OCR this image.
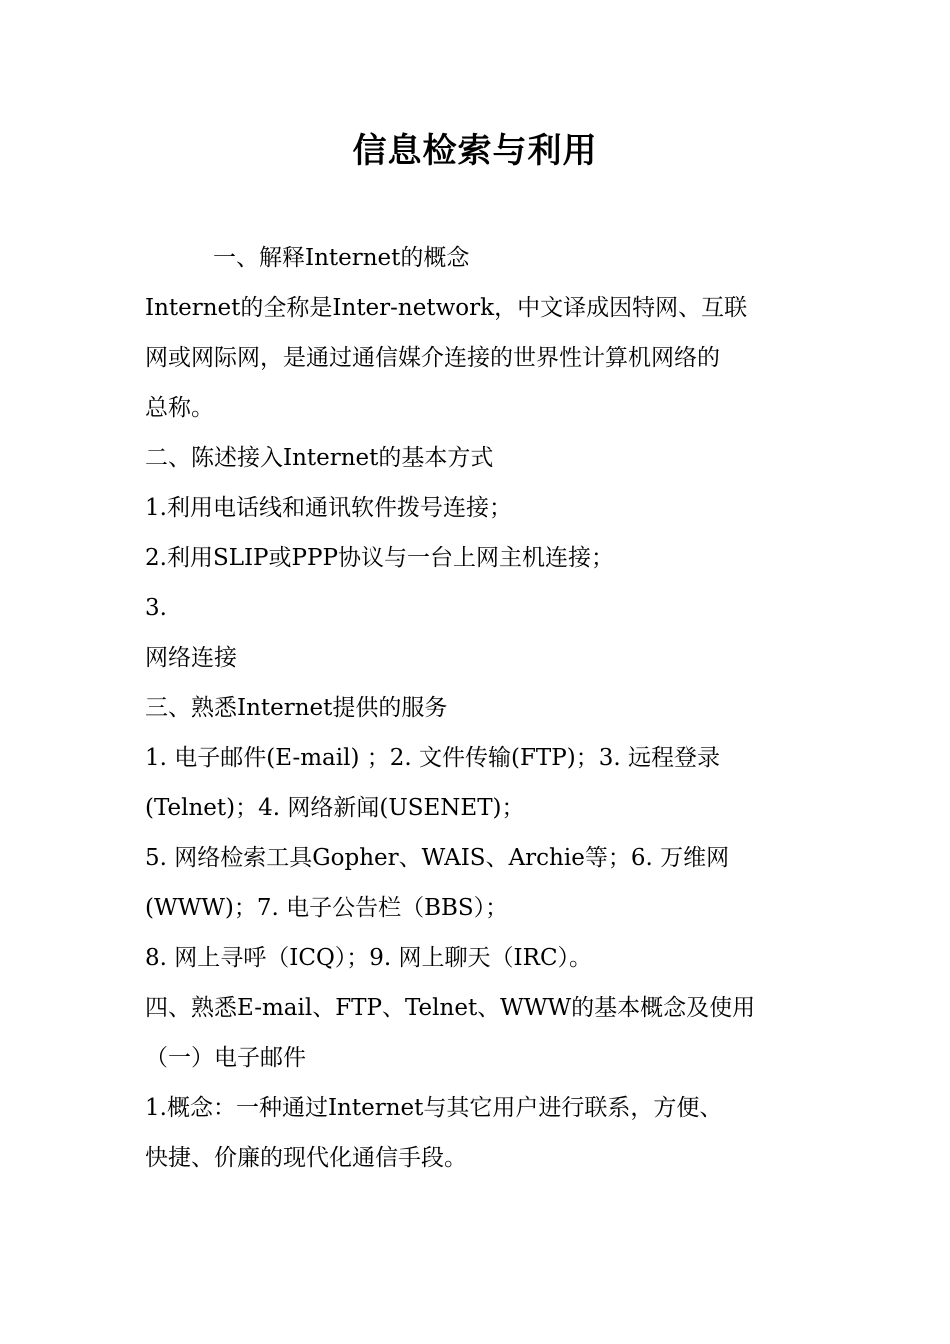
信息检索与利用
一、解释Internet的概念
Internet的全称是Inter-network，中文译成因特网、互联
网或网际网，是通过通信媒介连接的世界性计算机网络的
总称。
二、陈述接入Internet的基本方式
1.利用电话线和通讯软件拨号连接；
2.利用SLIP或PPP协议与一台上网主机连接；
3.
网络连接
三、熟悉Internet提供的服务
1. 电子邮件(E-mail) ；2. 文件传输(FTP)；3. 远程登录
(Telnet)；4. 网络新闻(USENET)；
5. 网络检索工具Gopher、WAIS、Archie等；6. 万维网
(WWW)；7. 电子公告栏（BBS）；
8. 网上寻呼（ICQ）；9. 网上聊天（IRC）。
四、熟悉E-mail、FTP、Telnet、WWW的基本概念及使用
（一）电子邮件
1.概念：一种通过Internet与其它用户进行联系，方便、
快捷、价廉的现代化通信手段。
